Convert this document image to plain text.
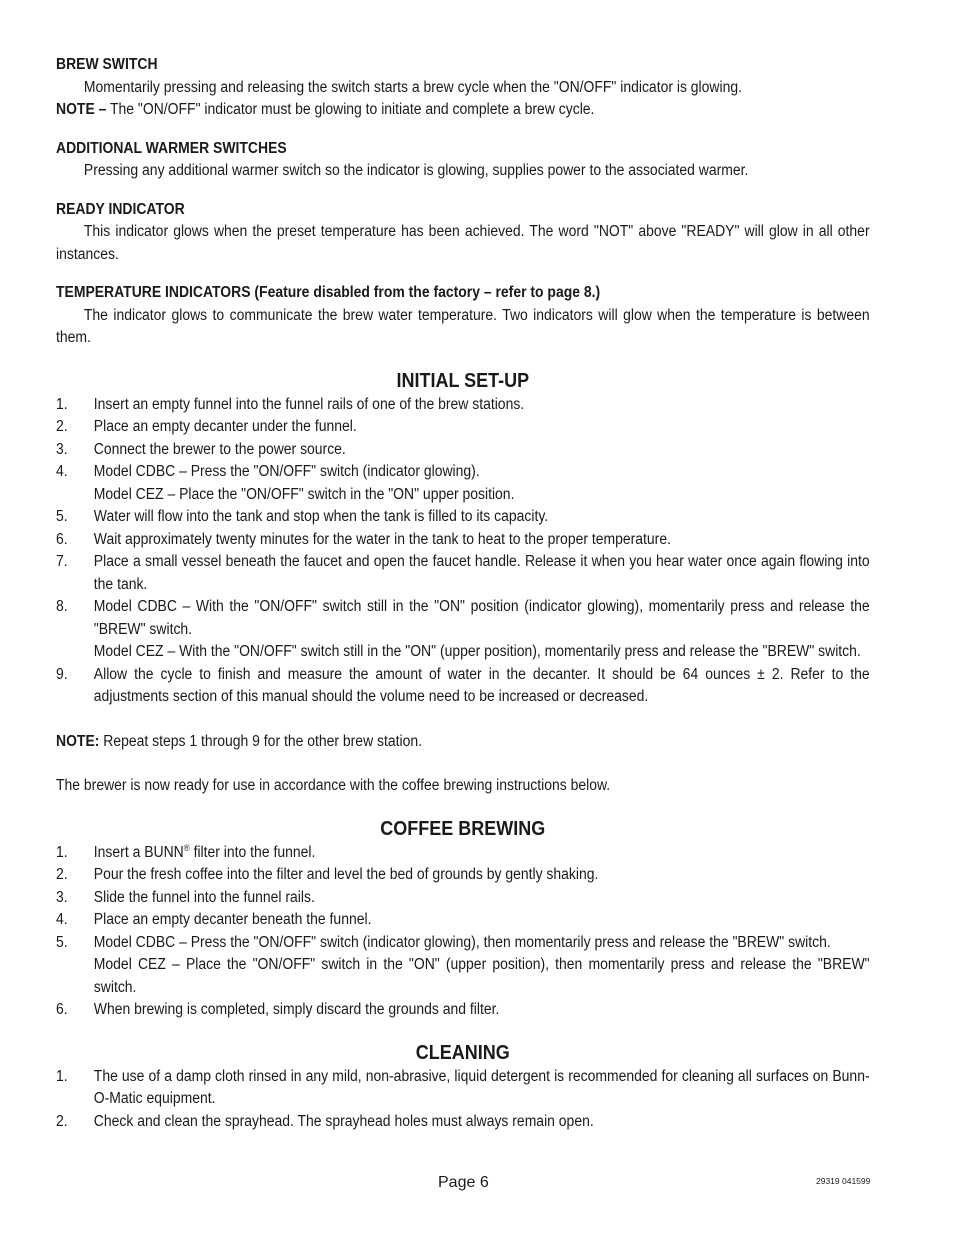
BREW SWITCH

Momentarily pressing and releasing the switch starts a brew cycle when the "ON/OFF" indicator is glowing.

NOTE – The "ON/OFF" indicator must be glowing to initiate and complete a brew cycle.

ADDITIONAL WARMER SWITCHES

Pressing any additional warmer switch so the indicator is glowing, supplies power to the associated warmer.

READY INDICATOR

This indicator glows when the preset temperature has been achieved. The word "NOT" above "READY" will glow in all other instances.

TEMPERATURE INDICATORS (Feature disabled from the factory – refer to page 8.)

The indicator glows to communicate the brew water temperature. Two indicators will glow when the temperature is between them.

INITIAL SET-UP

1. Insert an empty funnel into the funnel rails of one of the brew stations.
2. Place an empty decanter under the funnel.
3. Connect the brewer to the power source.
4. Model CDBC – Press the "ON/OFF" switch (indicator glowing).
Model CEZ – Place the "ON/OFF" switch in the "ON" upper position.
5. Water will flow into the tank and stop when the tank is filled to its capacity.
6. Wait approximately twenty minutes for the water in the tank to heat to the proper temperature.
7. Place a small vessel beneath the faucet and open the faucet handle. Release it when you hear water once again flowing into the tank.
8. Model CDBC – With the "ON/OFF" switch still in the "ON" position (indicator glowing), momentarily press and release the "BREW" switch.
Model CEZ – With the "ON/OFF" switch still in the "ON" (upper position), momentarily press and release the "BREW" switch.
9. Allow the cycle to finish and measure the amount of water in the decanter. It should be 64 ounces ± 2. Refer to the adjustments section of this manual should the volume need to be increased or decreased.

NOTE: Repeat steps 1 through 9 for the other brew station.

The brewer is now ready for use in accordance with the coffee brewing instructions below.

COFFEE BREWING

1. Insert a BUNN® filter into the funnel.
2. Pour the fresh coffee into the filter and level the bed of grounds by gently shaking.
3. Slide the funnel into the funnel rails.
4. Place an empty decanter beneath the funnel.
5. Model CDBC – Press the "ON/OFF" switch (indicator glowing), then momentarily press and release the "BREW" switch.
Model CEZ – Place the "ON/OFF" switch in the "ON" (upper position), then momentarily press and release the "BREW" switch.
6. When brewing is completed, simply discard the grounds and filter.

CLEANING

1. The use of a damp cloth rinsed in any mild, non-abrasive, liquid detergent is recommended for cleaning all surfaces on Bunn-O-Matic equipment.
2. Check and clean the sprayhead. The sprayhead holes must always remain open.
Page 6	29319 041599
